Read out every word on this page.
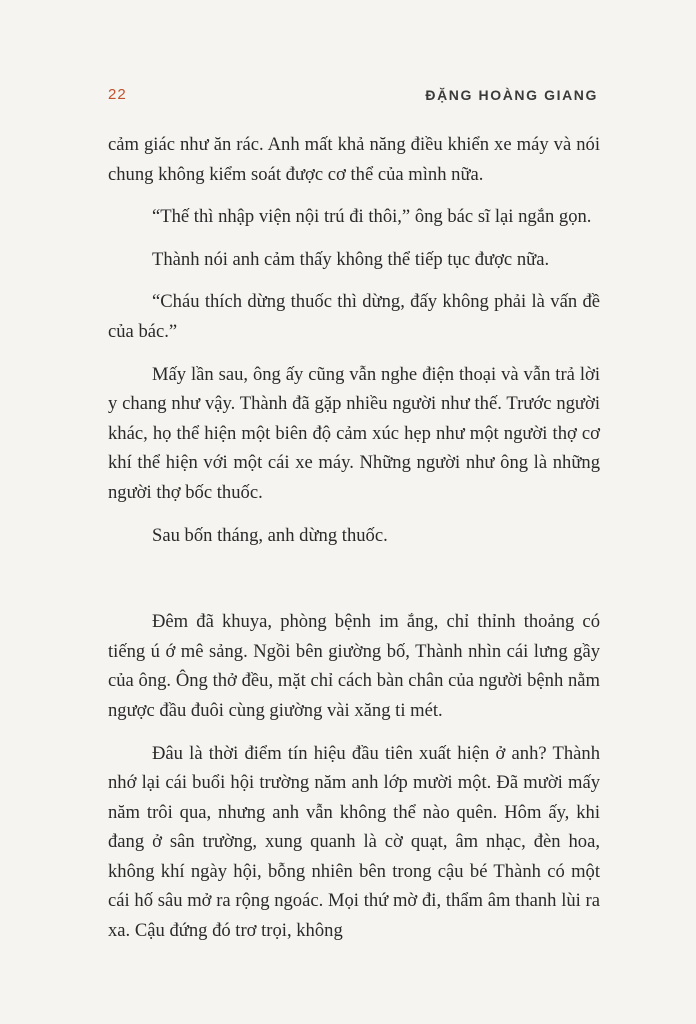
22	ĐẶNG HOÀNG GIANG

cảm giác như ăn rác. Anh mất khả năng điều khiển xe máy và nói chung không kiểm soát được cơ thể của mình nữa.

“Thế thì nhập viện nội trú đi thôi,” ông bác sĩ lại ngắn gọn.

Thành nói anh cảm thấy không thể tiếp tục được nữa.

“Cháu thích dừng thuốc thì dừng, đấy không phải là vấn đề của bác.”

Mấy lần sau, ông ấy cũng vẫn nghe điện thoại và vẫn trả lời y chang như vậy. Thành đã gặp nhiều người như thế. Trước người khác, họ thể hiện một biên độ cảm xúc hẹp như một người thợ cơ khí thể hiện với một cái xe máy. Những người như ông là những người thợ bốc thuốc.

Sau bốn tháng, anh dừng thuốc.

Đêm đã khuya, phòng bệnh im ắng, chỉ thỉnh thoảng có tiếng ú ớ mê sảng. Ngồi bên giường bố, Thành nhìn cái lưng gầy của ông. Ông thở đều, mặt chỉ cách bàn chân của người bệnh nằm ngược đầu đuôi cùng giường vài xăng ti mét.

Đâu là thời điểm tín hiệu đầu tiên xuất hiện ở anh? Thành nhớ lại cái buổi hội trường năm anh lớp mười một. Đã mười mấy năm trôi qua, nhưng anh vẫn không thể nào quên. Hôm ấy, khi đang ở sân trường, xung quanh là cờ quạt, âm nhạc, đèn hoa, không khí ngày hội, bỗng nhiên bên trong cậu bé Thành có một cái hố sâu mở ra rộng ngoác. Mọi thứ mờ đi, thẩm âm thanh lùi ra xa. Cậu đứng đó trơ trọi, không
